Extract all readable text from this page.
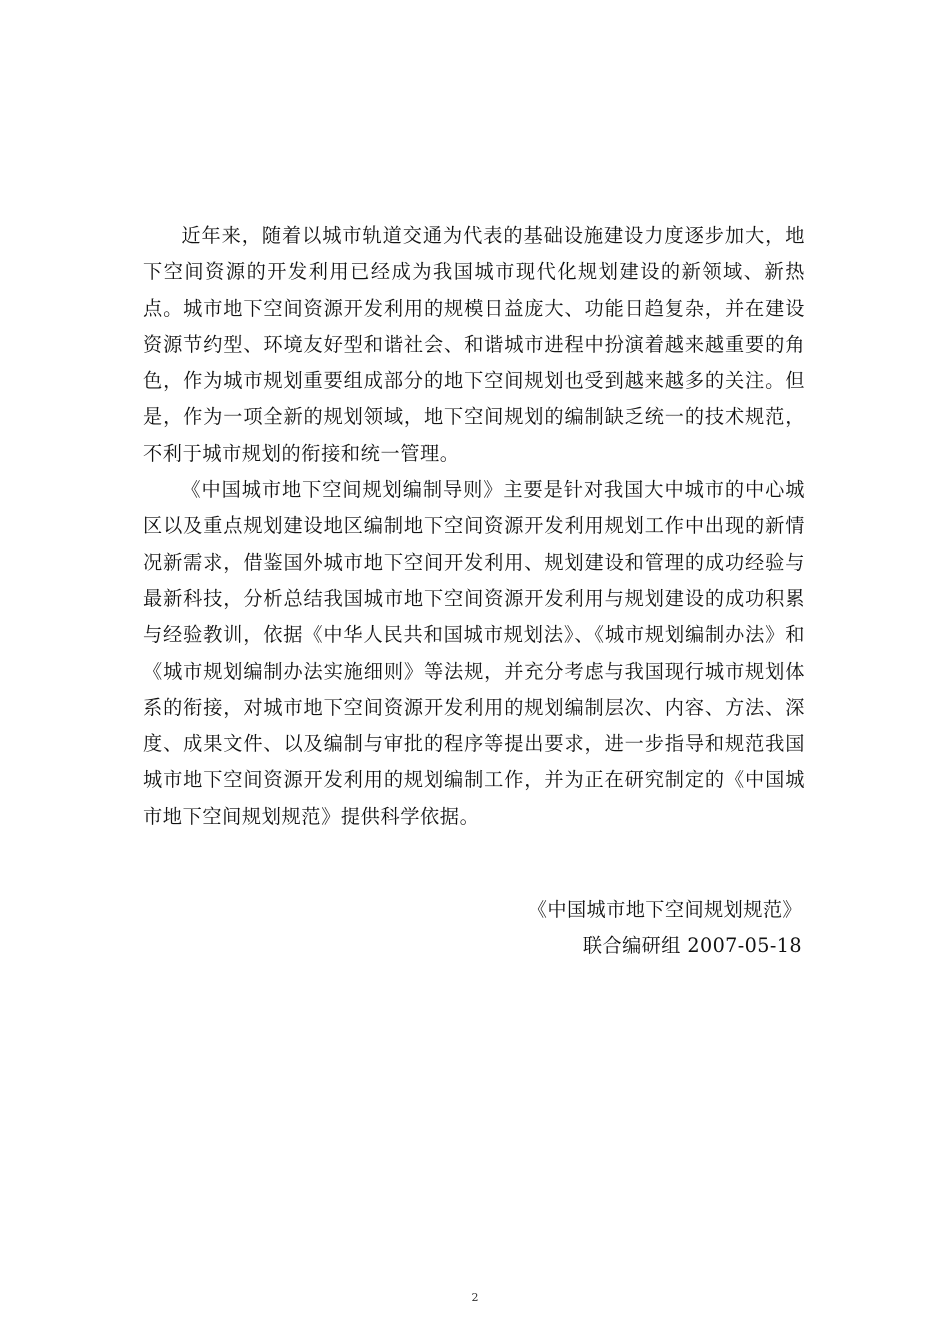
近年来，随着以城市轨道交通为代表的基础设施建设力度逐步加大，地下空间资源的开发利用已经成为我国城市现代化规划建设的新领域、新热点。城市地下空间资源开发利用的规模日益庞大、功能日趋复杂，并在建设资源节约型、环境友好型和谐社会、和谐城市进程中扮演着越来越重要的角色，作为城市规划重要组成部分的地下空间规划也受到越来越多的关注。但是，作为一项全新的规划领域，地下空间规划的编制缺乏统一的技术规范，不利于城市规划的衔接和统一管理。

《中国城市地下空间规划编制导则》主要是针对我国大中城市的中心城区以及重点规划建设地区编制地下空间资源开发利用规划工作中出现的新情况新需求，借鉴国外城市地下空间开发利用、规划建设和管理的成功经验与最新科技，分析总结我国城市地下空间资源开发利用与规划建设的成功积累与经验教训，依据《中华人民共和国城市规划法》、《城市规划编制办法》和《城市规划编制办法实施细则》等法规，并充分考虑与我国现行城市规划体系的衔接，对城市地下空间资源开发利用的规划编制层次、内容、方法、深度、成果文件、以及编制与审批的程序等提出要求，进一步指导和规范我国城市地下空间资源开发利用的规划编制工作，并为正在研究制定的《中国城市地下空间规划规范》提供科学依据。

《中国城市地下空间规划规范》
联合编研组 2007-05-18
2
